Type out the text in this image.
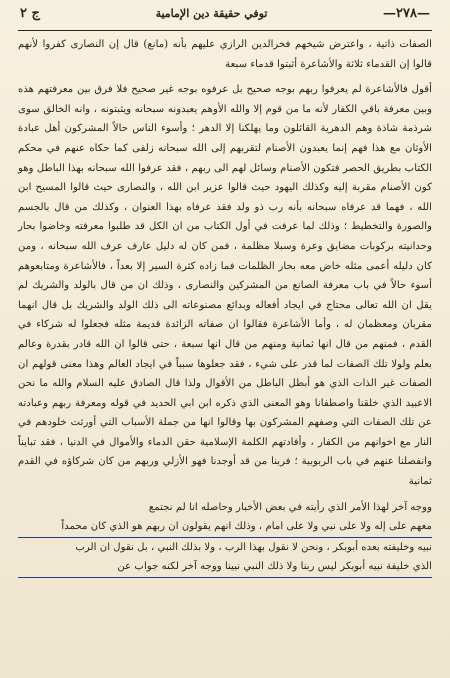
—٢٧٨—
توفي حقيقة دين الإمامية
ج ٢

الصفات ذاتية ، واعترض شيخهم فخرالدين الرازي عليهم بأنه (مانع) قال إن النصارى كفروا لأنهم قالوا إن القدماء ثلاثة والأشاعرة أثبتوا قدماء سبعة

أقول فالأشاعرة لم يعرفوا ربهم بوجه صحيح بل عرفوه بوجه غير صحيح فلا فرق بين معرفتهم هذه وبين معرفة باقي الكفار لأنه ما من قوم إلا والله الأوهم يعبدونه سبحانه ويثبتونه ، وانه الخالق سوى شرذمة شاذة وهم الدهرية القائلون وما يهلكنا إلا الدهر ؛ وأسوء الناس حالاً المشركون أهل عبادة الأوثان مع هذا فهم إنما يعبدون الأصنام لتقربهم إلى الله سبحانه زلفى كما حكاه عنهم في محكم الكتاب بطريق الحصر فتكون الأصنام وسائل لهم الى ربهم ، فقد عرفوا الله سبحانه بهذا الباطل وهو كون الأصنام مقربة إليه وكذلك اليهود حيث قالوا عزير ابن الله ، والنصارى حيث قالوا المسيح ابن الله ، فهما قد عرفاه سبحانه بأنه رب ذو ولد فقد عرفاه بهذا العنوان ، وكذلك من قال بالجسم والصورة والتخطيط ؛ وذلك لما عرفت في أول الكتاب من ان الكل قد طلبوا معرفته وخاضوا بحار وحدانيته بركوبات مضايق وعرة وسبلا مظلمة ، فمن كان له دليل عارف عرف الله سبحانه ، ومن كان دليله أعمى مثله خاض معه بحار الظلمات فما زاده كثرة السير إلا بعداً ، فالأشاعرة ومتابعوهم أسوء حالاً في باب معرفة الصانع من المشركين والنصارى ، وذلك ان من قال بالولد والشريك لم يقل ان الله تعالى محتاج في ايجاد أفعاله وبدائع مصنوعاته الى ذلك الولد والشريك بل قال انهما مقربان ومعظمان له ، وأما الأشاعرة فقالوا ان صفاته الزائدة قديمة مثله فجعلوا له شركاء في القدم ، فمنهم من قال انها ثمانية ومنهم من قال انها سبعة ، حتى قالوا ان الله قادر بقدرة وعالم بعلم ولولا تلك الصفات لما قدر على شيء ، فقد جعلوها سبباً في ايجاد العالم وهذا معنى قولهم ان الصفات غير الذات الذي هو أبطل الباطل من الأقوال ولذا قال الصادق عليه السلام والله ما نحن الاعبيد الذي خلقنا واصطفانا وهو المعنى الذي ذكره ابن ابي الحديد في قوله ومعرفة ربهم وعبادته عن تلك الصفات التي وصفهم المشركون بها وقالوا انها من جملة الأسباب التي أورثت خلودهم في النار مع اخوانهم من الكفار ، وأفادتهم الكلمة الإسلامية حقن الدماء والأموال في الدنيا ، فقد تبايناً وانفصلنا عنهم في باب الربوبية ؛ فربنا من قد أوجدنا فهو الأزلي وربهم من كان شركاؤه في القدم ثمانية

ووجه آخر لهذا الأمر الذي رأيته في بعض الأخبار وحاصله انا لم نجتمع

معهم على إله ولا على نبي ولا على امام ، وذلك انهم يقولون ان ربهم هو الذي كان محمداً

نبيه وخليفته بعده أبوبكر ، ونحن لا نقول بهذا الرب ، ولا بذلك النبي ، بل نقول ان الرب

الذي خليفة نبيه أبوبكر ليس ربنا ولا ذلك النبي نبينا ووجه آخر لكنه جواب عن
